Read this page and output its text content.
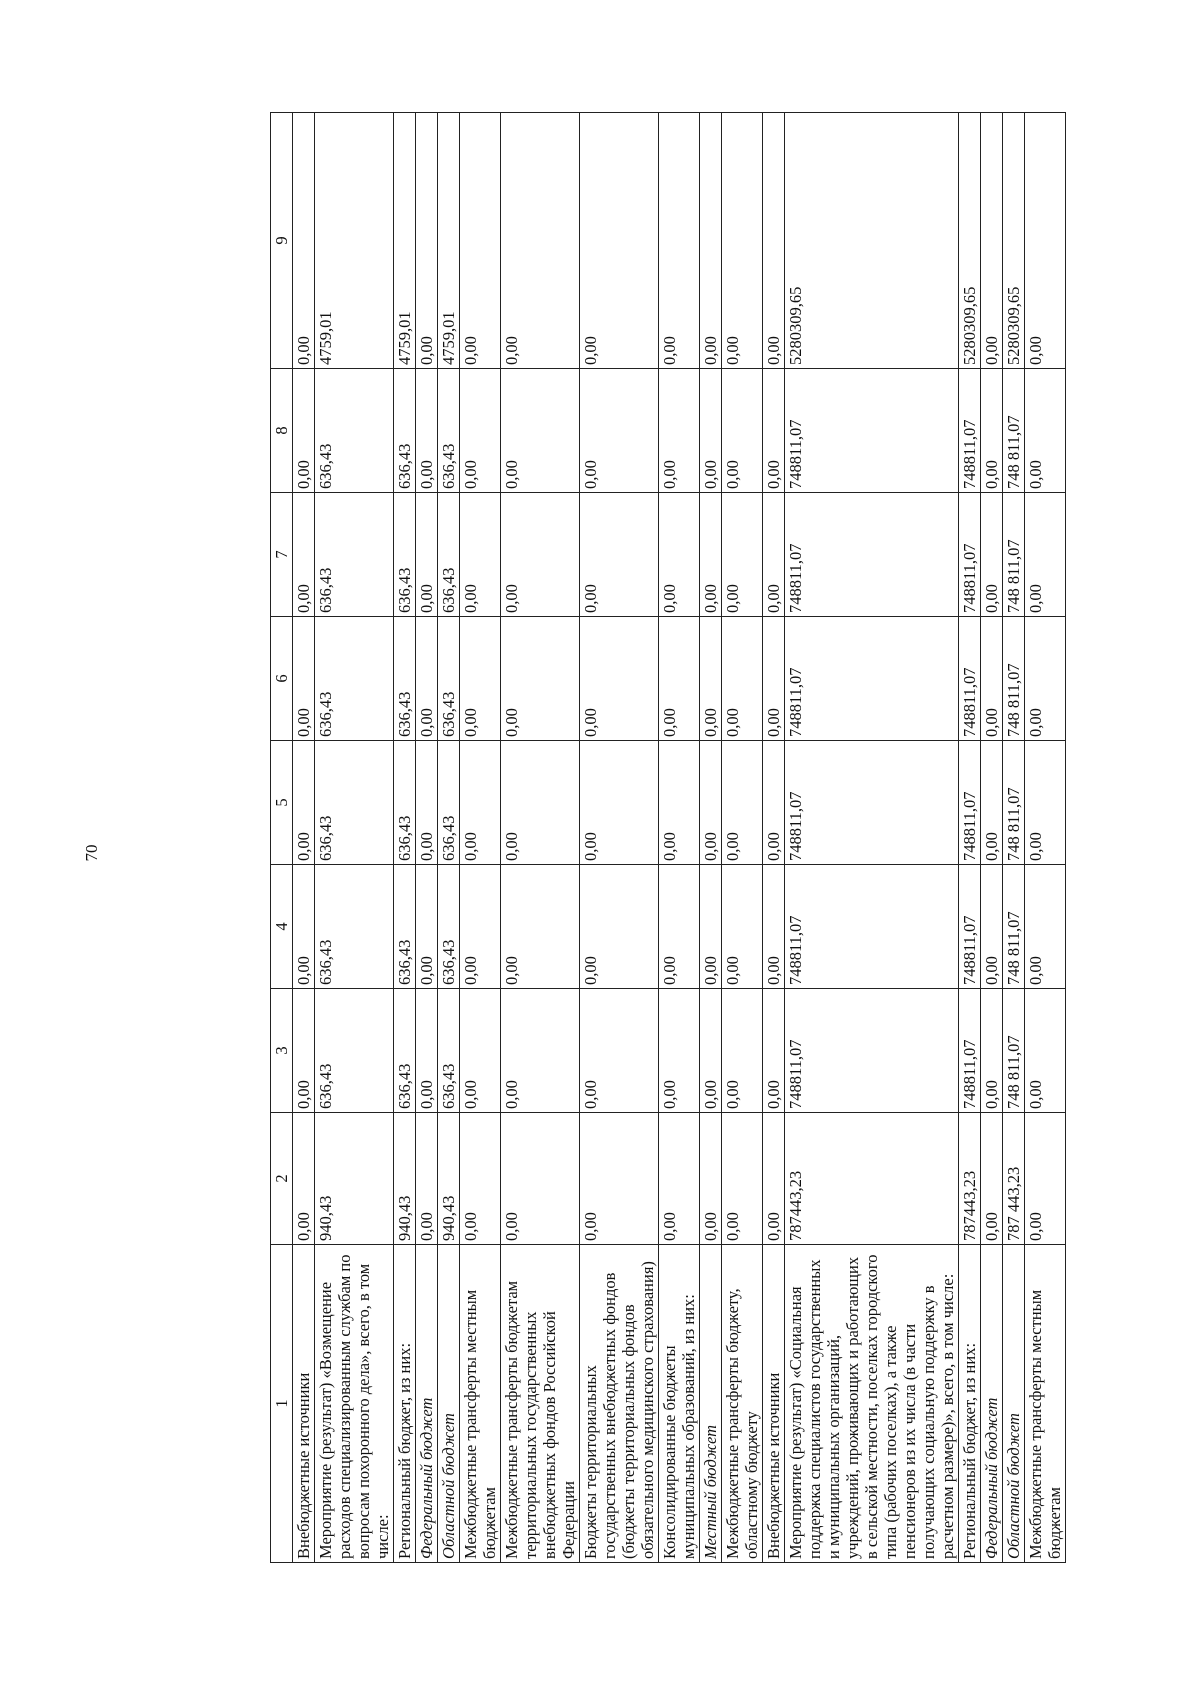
70
1	2	3	4	5	6	7	8	9
Внебюджетные источники	0,00	0,00	0,00	0,00	0,00	0,00	0,00	0,00
Мероприятие (результат) «Возмещение расходов специализированным службам по вопросам похоронного дела», всего, в том числе:	940,43	636,43	636,43	636,43	636,43	636,43	636,43	4759,01
Региональный бюджет, из них:	940,43	636,43	636,43	636,43	636,43	636,43	636,43	4759,01
Федеральный бюджет	0,00	0,00	0,00	0,00	0,00	0,00	0,00	0,00
Областной бюджет	940,43	636,43	636,43	636,43	636,43	636,43	636,43	4759,01
Межбюджетные трансферты местным бюджетам	0,00	0,00	0,00	0,00	0,00	0,00	0,00	0,00
Межбюджетные трансферты бюджетам территориальных государственных внебюджетных фондов Российской Федерации	0,00	0,00	0,00	0,00	0,00	0,00	0,00	0,00
Бюджеты территориальных государственных внебюджетных фондов (бюджеты территориальных фондов обязательного медицинского страхования)	0,00	0,00	0,00	0,00	0,00	0,00	0,00	0,00
Консолидированные бюджеты муниципальных образований, из них:	0,00	0,00	0,00	0,00	0,00	0,00	0,00	0,00
Местный бюджет	0,00	0,00	0,00	0,00	0,00	0,00	0,00	0,00
Межбюджетные трансферты бюджету, областному бюджету	0,00	0,00	0,00	0,00	0,00	0,00	0,00	0,00
Внебюджетные источники	0,00	0,00	0,00	0,00	0,00	0,00	0,00	0,00
Мероприятие (результат) «Социальная поддержка специалистов государственных и муниципальных организаций, учреждений, проживающих и работающих в сельской местности, поселках городского типа (рабочих поселках), а также пенсионеров из их числа (в части получающих социальную поддержку в расчетном размере)», всего, в том числе:	787443,23	748811,07	748811,07	748811,07	748811,07	748811,07	748811,07	5280309,65
Региональный бюджет, из них:	787443,23	748811,07	748811,07	748811,07	748811,07	748811,07	748811,07	5280309,65
Федеральный бюджет	0,00	0,00	0,00	0,00	0,00	0,00	0,00	0,00
Областной бюджет	787 443,23	748 811,07	748 811,07	748 811,07	748 811,07	748 811,07	748 811,07	5280309,65
Межбюджетные трансферты местным бюджетам	0,00	0,00	0,00	0,00	0,00	0,00	0,00	0,00
